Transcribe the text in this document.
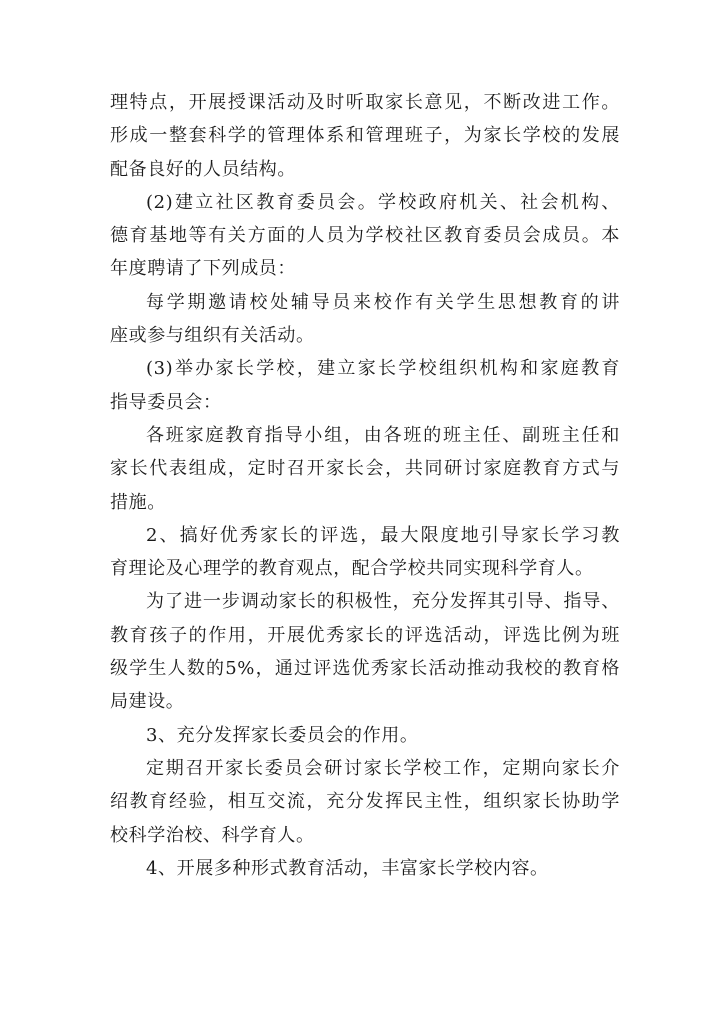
理特点，开展授课活动及时听取家长意见，不断改进工作。
形成一整套科学的管理体系和管理班子，为家长学校的发展
配备良好的人员结构。
(2)建立社区教育委员会。学校政府机关、社会机构、
德育基地等有关方面的人员为学校社区教育委员会成员。本
年度聘请了下列成员：
每学期邀请校处辅导员来校作有关学生思想教育的讲
座或参与组织有关活动。
(3)举办家长学校，建立家长学校组织机构和家庭教育
指导委员会：
各班家庭教育指导小组，由各班的班主任、副班主任和
家长代表组成，定时召开家长会，共同研讨家庭教育方式与
措施。
2、搞好优秀家长的评选，最大限度地引导家长学习教
育理论及心理学的教育观点，配合学校共同实现科学育人。
为了进一步调动家长的积极性，充分发挥其引导、指导、
教育孩子的作用，开展优秀家长的评选活动，评选比例为班
级学生人数的5%，通过评选优秀家长活动推动我校的教育格
局建设。
3、充分发挥家长委员会的作用。
定期召开家长委员会研讨家长学校工作，定期向家长介
绍教育经验，相互交流，充分发挥民主性，组织家长协助学
校科学治校、科学育人。
4、开展多种形式教育活动，丰富家长学校内容。
